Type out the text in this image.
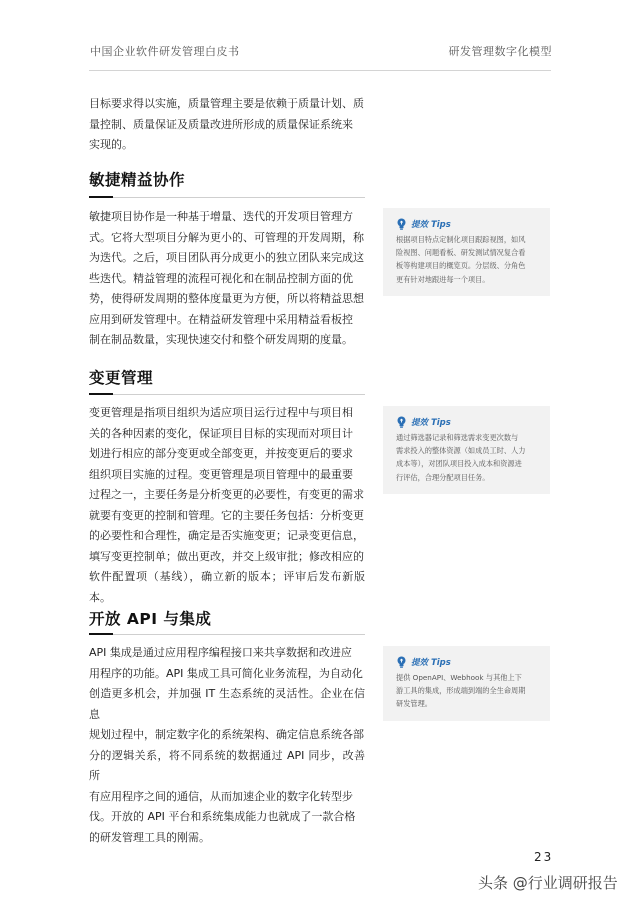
中国企业软件研发管理白皮书	研发管理数字化模型

目标要求得以实施，质量管理主要是依赖于质量计划、质

量控制、质量保证及质量改进所形成的质量保证系统来

实现的。

敏捷精益协作

敏捷项目协作是一种基于增量、迭代的开发项目管理方

式。它将大型项目分解为更小的、可管理的开发周期，称

为迭代。之后，项目团队再分成更小的独立团队来完成这

些迭代。精益管理的流程可视化和在制品控制方面的优

势，使得研发周期的整体度量更为方便，所以将精益思想

应用到研发管理中。在精益研发管理中采用精益看板控

制在制品数量，实现快速交付和整个研发周期的度量。

提效 Tips
根据项目特点定制化项目跟踪视图，如风
险视图、问题看板、研发测试情况复合看
板等构建项目的概览页。分层级、分角色
更有针对地跟进每一个项目。
变更管理

变更管理是指项目组织为适应项目运行过程中与项目相

关的各种因素的变化，保证项目目标的实现而对项目计

划进行相应的部分变更或全部变更，并按变更后的要求

组织项目实施的过程。变更管理是项目管理中的最重要

过程之一，主要任务是分析变更的必要性，有变更的需求

就要有变更的控制和管理。它的主要任务包括：分析变更

的必要性和合理性，确定是否实施变更；记录变更信息，

填写变更控制单；做出更改，并交上级审批；修改相应的

软件配置项（基线），确立新的版本；评审后发布新版本。

提效 Tips
通过筛选器记录和筛选需求变更次数与
需求投入的整体资源（如成员工时、人力
成本等），对团队项目投入成本和资源进
行评估，合理分配项目任务。
开放 API 与集成

API 集成是通过应用程序编程接口来共享数据和改进应

用程序的功能。API 集成工具可简化业务流程，为自动化

创造更多机会，并加强 IT 生态系统的灵活性。企业在信息

规划过程中，制定数字化的系统架构、确定信息系统各部

分的逻辑关系，将不同系统的数据通过 API 同步，改善所

有应用程序之间的通信，从而加速企业的数字化转型步

伐。开放的 API 平台和系统集成能力也就成了一款合格

的研发管理工具的刚需。

提效 Tips
提供 OpenAPI、Webhook 与其他上下
游工具的集成，形成端到端的全生命周期
研发管理。
23
头条 @行业调研报告
